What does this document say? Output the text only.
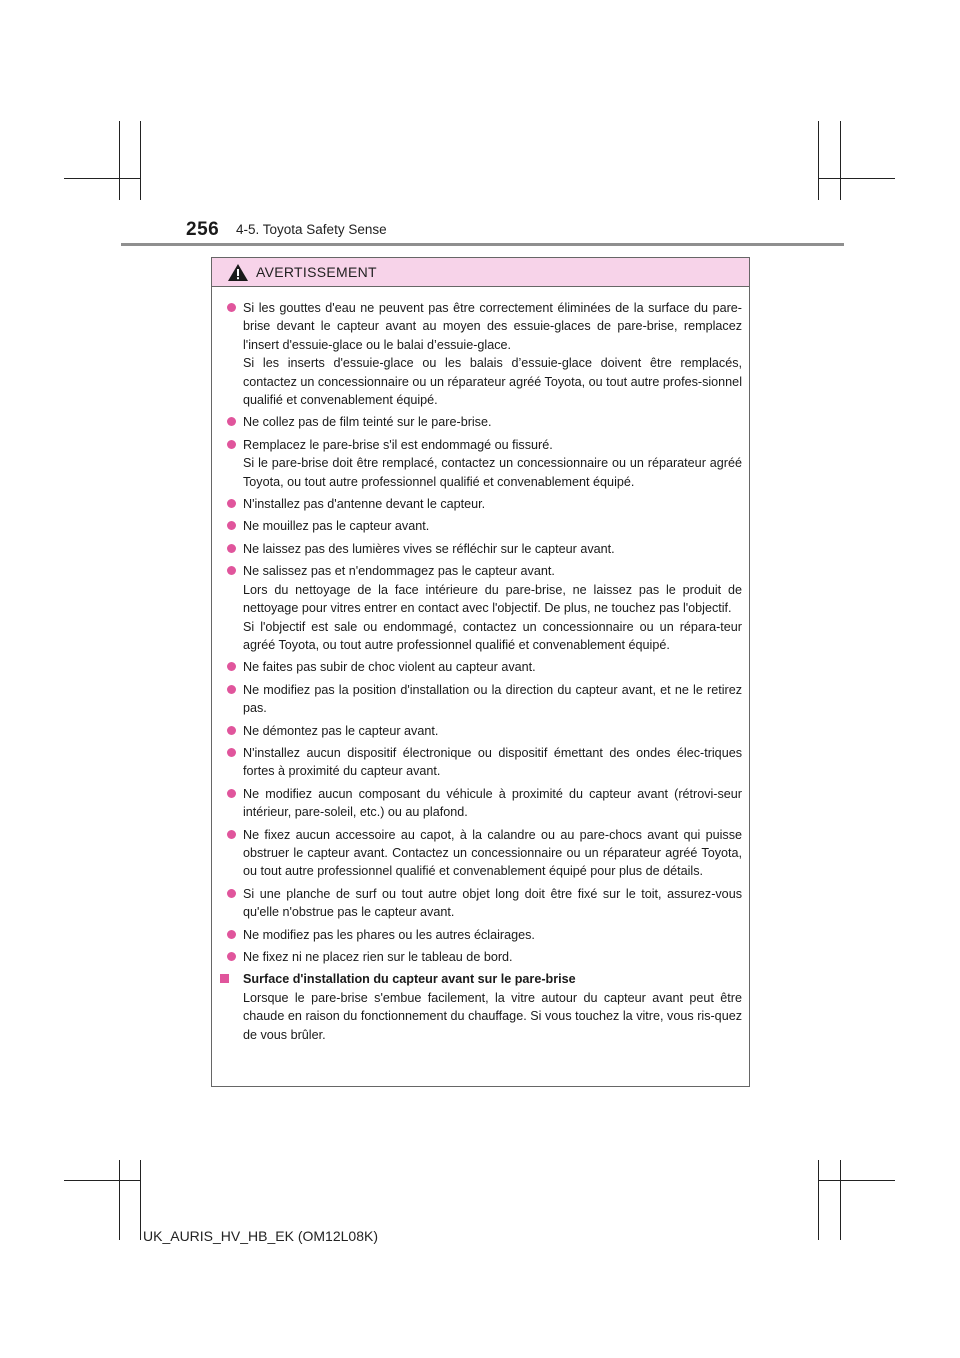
256 4-5. Toyota Safety Sense
AVERTISSEMENT
Si les gouttes d'eau ne peuvent pas être correctement éliminées de la surface du pare-brise devant le capteur avant au moyen des essuie-glaces de pare-brise, remplacez l'insert d'essuie-glace ou le balai d’essuie-glace.
Si les inserts d'essuie-glace ou les balais d’essuie-glace doivent être remplacés, contactez un concessionnaire ou un réparateur agréé Toyota, ou tout autre profes-sionnel qualifié et convenablement équipé.
Ne collez pas de film teinté sur le pare-brise.
Remplacez le pare-brise s'il est endommagé ou fissuré.
Si le pare-brise doit être remplacé, contactez un concessionnaire ou un réparateur agréé Toyota, ou tout autre professionnel qualifié et convenablement équipé.
N'installez pas d'antenne devant le capteur.
Ne mouillez pas le capteur avant.
Ne laissez pas des lumières vives se réfléchir sur le capteur avant.
Ne salissez pas et n'endommagez pas le capteur avant.
Lors du nettoyage de la face intérieure du pare-brise, ne laissez pas le produit de nettoyage pour vitres entrer en contact avec l'objectif. De plus, ne touchez pas l'objectif.
Si l'objectif est sale ou endommagé, contactez un concessionnaire ou un répara-teur agréé Toyota, ou tout autre professionnel qualifié et convenablement équipé.
Ne faites pas subir de choc violent au capteur avant.
Ne modifiez pas la position d'installation ou la direction du capteur avant, et ne le retirez pas.
Ne démontez pas le capteur avant.
N'installez aucun dispositif électronique ou dispositif émettant des ondes élec-triques fortes à proximité du capteur avant.
Ne modifiez aucun composant du véhicule à proximité du capteur avant (rétrovi-seur intérieur, pare-soleil, etc.) ou au plafond.
Ne fixez aucun accessoire au capot, à la calandre ou au pare-chocs avant qui puisse obstruer le capteur avant. Contactez un concessionnaire ou un réparateur agréé Toyota, ou tout autre professionnel qualifié et convenablement équipé pour plus de détails.
Si une planche de surf ou tout autre objet long doit être fixé sur le toit, assurez-vous qu'elle n'obstrue pas le capteur avant.
Ne modifiez pas les phares ou les autres éclairages.
Ne fixez ni ne placez rien sur le tableau de bord.
Surface d'installation du capteur avant sur le pare-brise
Lorsque le pare-brise s'embue facilement, la vitre autour du capteur avant peut être chaude en raison du fonctionnement du chauffage. Si vous touchez la vitre, vous ris-quez de vous brûler.
UK_AURIS_HV_HB_EK (OM12L08K)
